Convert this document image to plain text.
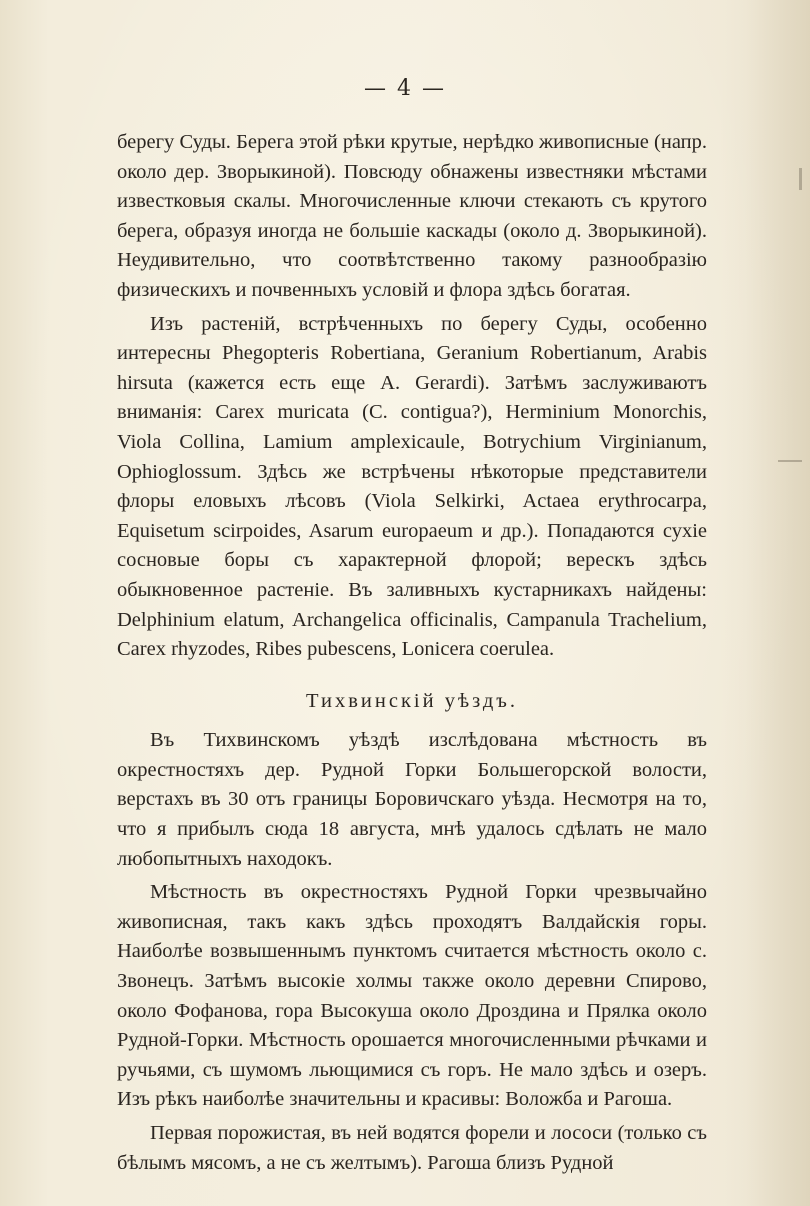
— 4 —

берегу Суды. Берега этой рѣки крутые, нерѣдко живописные (напр. около дер. Зворыкиной). Повсюду обнажены известняки мѣстами известковыя скалы. Многочисленные ключи стекають съ крутого берега, образуя иногда не большіе каскады (около д. Зворыкиной). Неудивительно, что соотвѣтственно такому разнообразію физическихъ и почвенныхъ условій и флора здѣсь богатая.

Изъ растеній, встрѣченныхъ по берегу Суды, особенно интересны Phegopteris Robertiana, Geranium Robertianum, Arabis hirsuta (кажется есть еще A. Gerardi). Затѣмъ заслуживаютъ вниманія: Carex muricata (C. contigua?), Herminium Monorchis, Viola Collina, Lamium amplexicaule, Botrychium Virginianum, Ophioglossum. Здѣсь же встрѣчены нѣкоторые представители флоры еловыхъ лѣсовъ (Viola Selkirki, Actaea erythrocarpa, Equisetum scirpoides, Asarum europaeum и др.). Попадаются сухіе сосновые боры съ характерной флорой; верескъ здѣсь обыкновенное растеніе. Въ заливныхъ кустарникахъ найдены: Delphinium elatum, Archangelica officinalis, Campanula Trachelium, Carex rhyzodes, Ribes pubescens, Lonicera coerulea.

Тихвинскій уѣздъ.

Въ Тихвинскомъ уѣздѣ изслѣдована мѣстность въ окрестностяхъ дер. Рудной Горки Большегорской волости, верстахъ въ 30 отъ границы Боровичскаго уѣзда. Несмотря на то, что я прибылъ сюда 18 августа, мнѣ удалось сдѣлать не мало любопытныхъ находокъ.

Мѣстность въ окрестностяхъ Рудной Горки чрезвычайно живописная, такъ какъ здѣсь проходятъ Валдайскія горы. Наиболѣе возвышеннымъ пунктомъ считается мѣстность около с. Звонецъ. Затѣмъ высокіе холмы также около деревни Спирово, около Фофанова, гора Высокуша около Дроздина и Прялка около Рудной-Горки. Мѣстность орошается многочисленными рѣчками и ручьями, съ шумомъ льющимися съ горъ. Не мало здѣсь и озеръ. Изъ рѣкъ наиболѣе значительны и красивы: Воложба и Рагоша.

Первая порожистая, въ ней водятся форели и лососи (только съ бѣлымъ мясомъ, а не съ желтымъ). Рагоша близъ Рудной
